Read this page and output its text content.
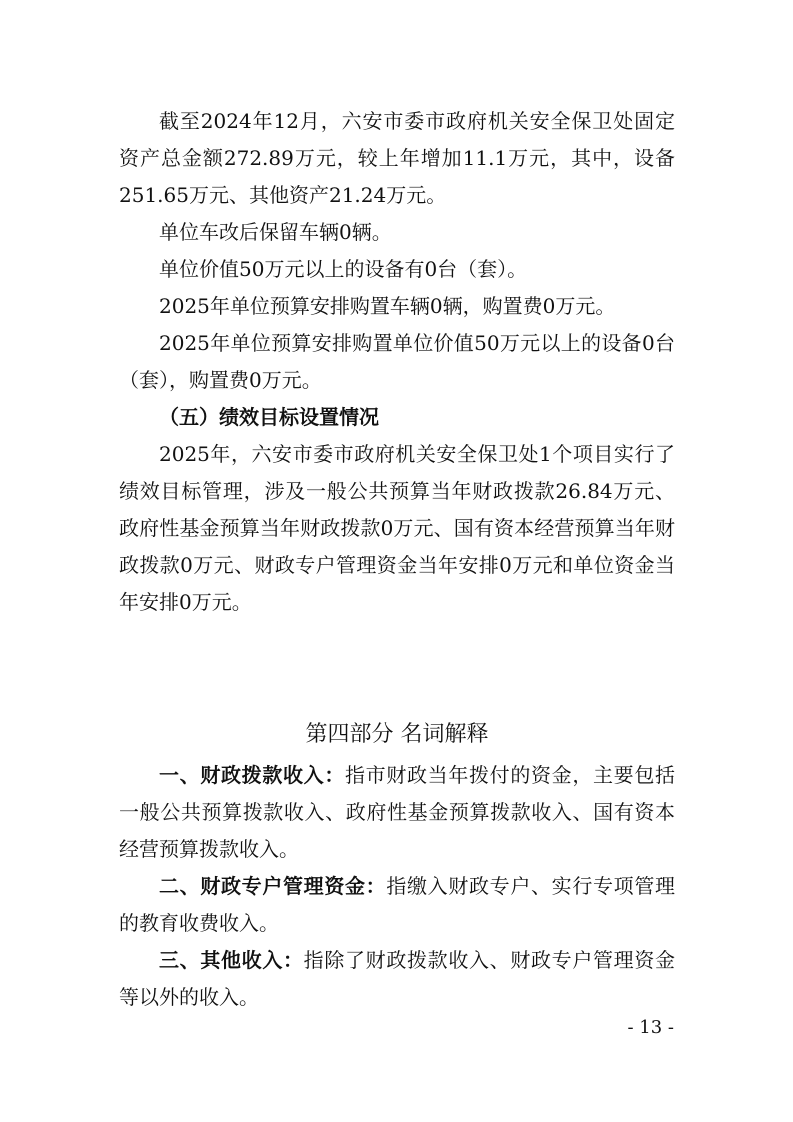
截至2024年12月，六安市委市政府机关安全保卫处固定资产总金额272.89万元，较上年增加11.1万元，其中，设备251.65万元、其他资产21.24万元。

单位车改后保留车辆0辆。

单位价值50万元以上的设备有0台（套）。

2025年单位预算安排购置车辆0辆，购置费0万元。

2025年单位预算安排购置单位价值50万元以上的设备0台（套），购置费0万元。

（五）绩效目标设置情况

2025年，六安市委市政府机关安全保卫处1个项目实行了绩效目标管理，涉及一般公共预算当年财政拨款26.84万元、政府性基金预算当年财政拨款0万元、国有资本经营预算当年财政拨款0万元、财政专户管理资金当年安排0万元和单位资金当年安排0万元。

第四部分 名词解释

一、财政拨款收入：指市财政当年拨付的资金，主要包括一般公共预算拨款收入、政府性基金预算拨款收入、国有资本经营预算拨款收入。

二、财政专户管理资金：指缴入财政专户、实行专项管理的教育收费收入。

三、其他收入：指除了财政拨款收入、财政专户管理资金等以外的收入。

- 13 -
